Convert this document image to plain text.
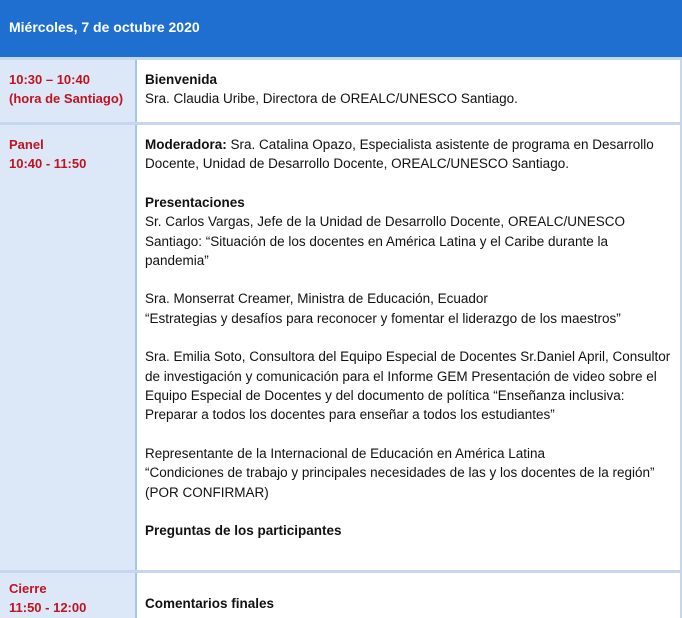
Miércoles, 7 de octubre 2020
10:30 – 10:40
(hora de Santiago)

Bienvenida

Sra. Claudia Uribe, Directora de OREALC/UNESCO Santiago.

Panel
10:40 - 11:50

Moderadora: Sra. Catalina Opazo, Especialista asistente de programa en Desarrollo Docente, Unidad de Desarrollo Docente, OREALC/UNESCO Santiago.

Presentaciones

Sr. Carlos Vargas, Jefe de la Unidad de Desarrollo Docente, OREALC/UNESCO Santiago: “Situación de los docentes en América Latina y el Caribe durante la pandemia”

Sra. Monserrat Creamer, Ministra de Educación, Ecuador

“Estrategias y desafíos para reconocer y fomentar el liderazgo de los maestros”

Sra. Emilia Soto, Consultora del Equipo Especial de Docentes Sr.Daniel April, Consultor de investigación y comunicación para el Informe GEM Presentación de video sobre el Equipo Especial de Docentes y del documento de política “Enseñanza inclusiva: Preparar a todos los docentes para enseñar a todos los estudiantes”

Representante de la Internacional de Educación en América Latina

“Condiciones de trabajo y principales necesidades de las y los docentes de la región” (POR CONFIRMAR)

Preguntas de los participantes

Cierre
11:50 - 12:00	Comentarios finales
